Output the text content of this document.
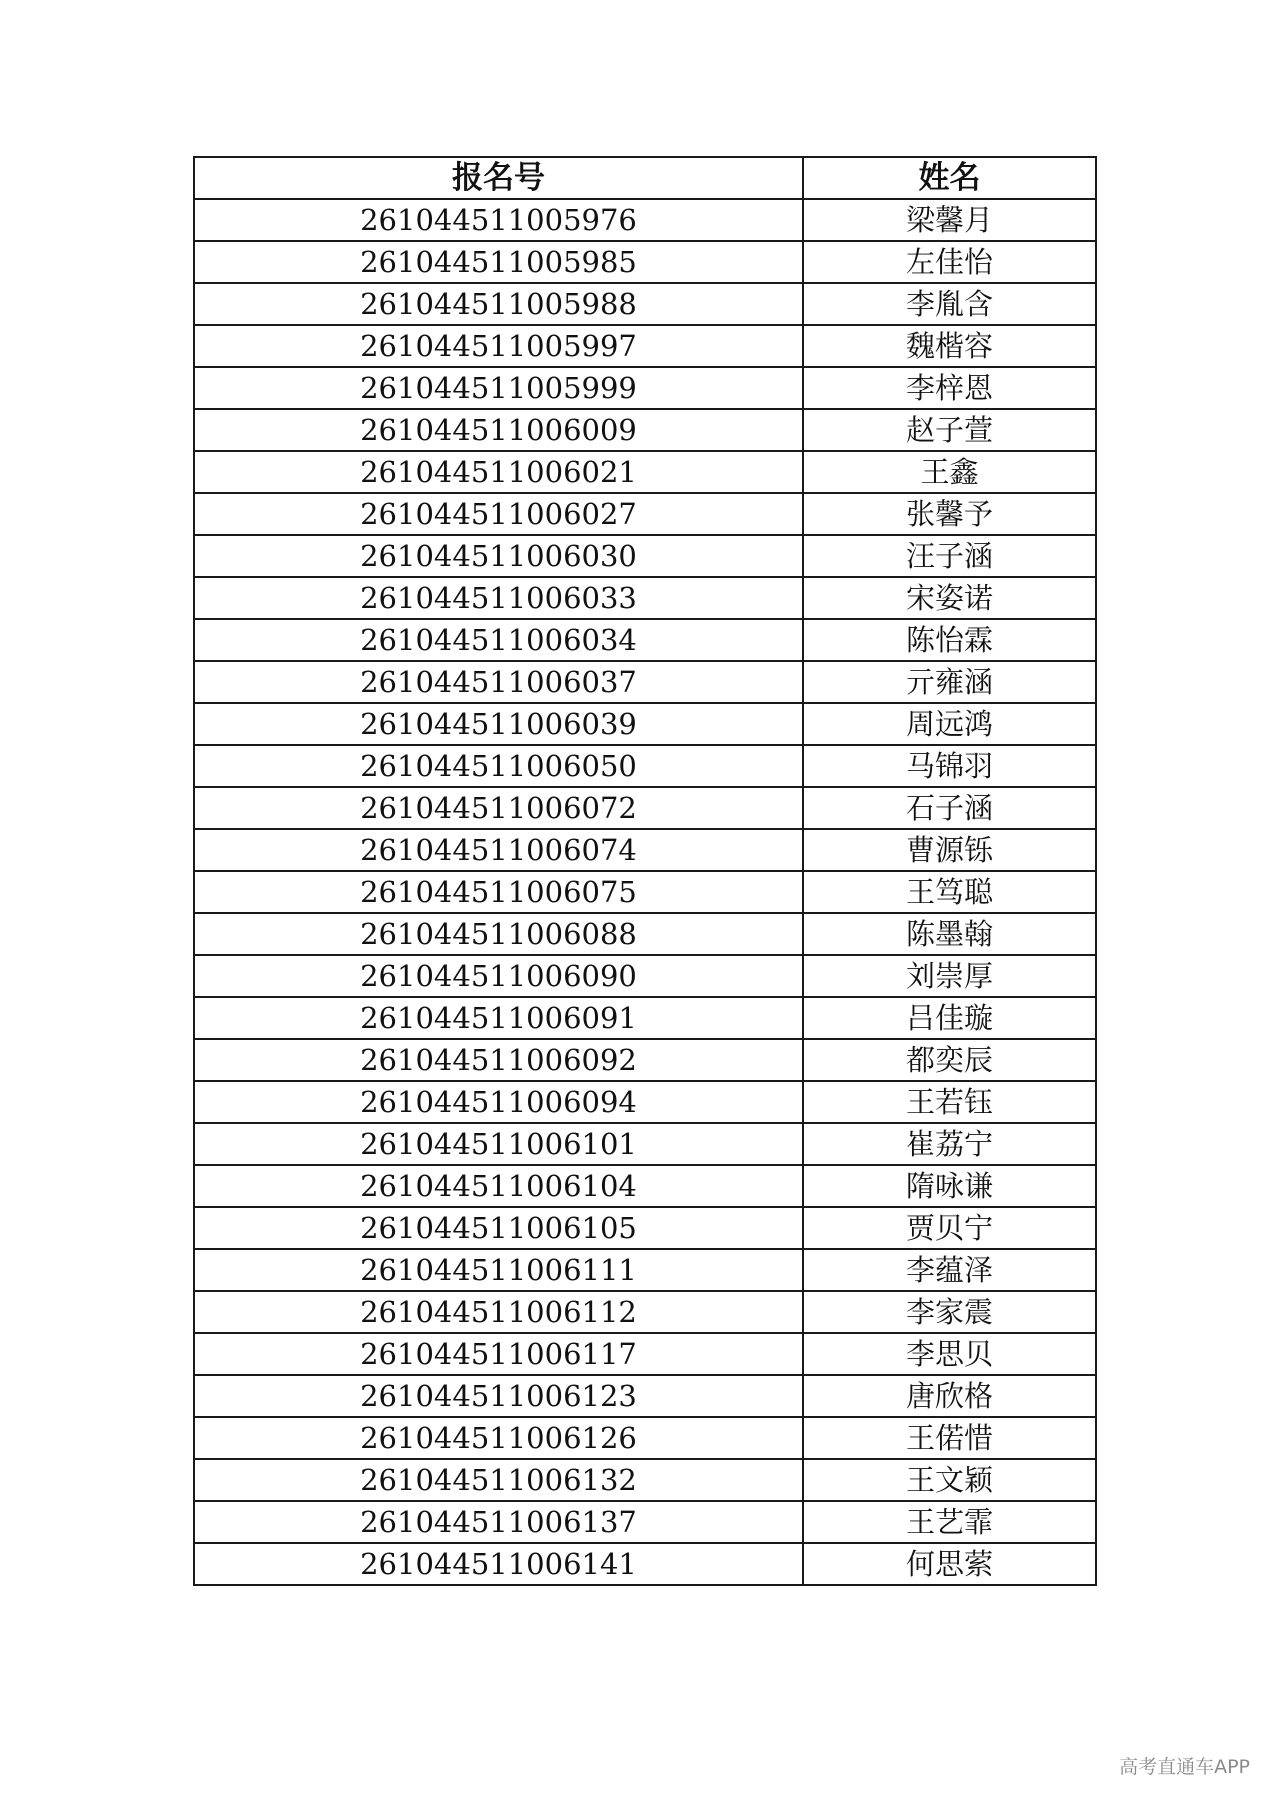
报名号	姓名
261044511005976	梁馨月
261044511005985	左佳怡
261044511005988	李胤含
261044511005997	魏楷容
261044511005999	李梓恩
261044511006009	赵子萱
261044511006021	王鑫
261044511006027	张馨予
261044511006030	汪子涵
261044511006033	宋姿诺
261044511006034	陈怡霖
261044511006037	亓雍涵
261044511006039	周远鸿
261044511006050	马锦羽
261044511006072	石子涵
261044511006074	曹源铄
261044511006075	王笃聪
261044511006088	陈墨翰
261044511006090	刘崇厚
261044511006091	吕佳璇
261044511006092	都奕辰
261044511006094	王若钰
261044511006101	崔荔宁
261044511006104	隋咏谦
261044511006105	贾贝宁
261044511006111	李蕴泽
261044511006112	李家震
261044511006117	李思贝
261044511006123	唐欣格
261044511006126	王偌惜
261044511006132	王文颖
261044511006137	王艺霏
261044511006141	何思萦
高考直通车APP
